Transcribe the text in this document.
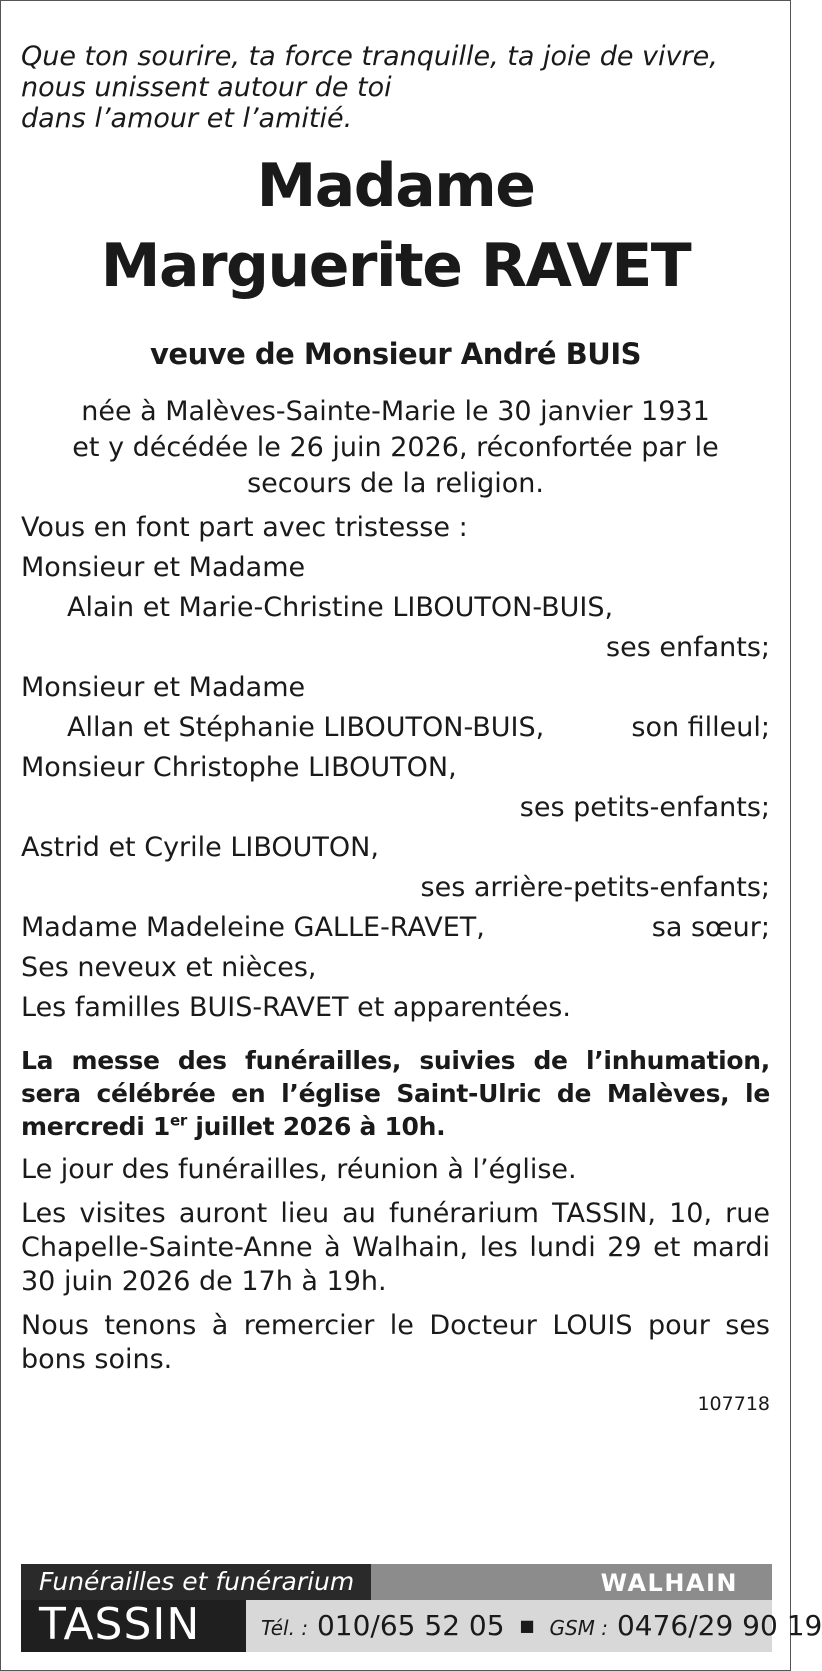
Que ton sourire, ta force tranquille, ta joie de vivre,
nous unissent autour de toi
dans l’amour et l’amitié.
Madame
Marguerite RAVET
veuve de Monsieur André BUIS
née à Malèves-Sainte-Marie le 30 janvier 1931
et y décédée le 26 juin 2026, réconfortée par le
secours de la religion.
Vous en font part avec tristesse :
Monsieur et Madame
Alain et Marie-Christine LIBOUTON-BUIS,
ses enfants;
Monsieur et Madame
Allan et Stéphanie LIBOUTON-BUIS,	son filleul;
Monsieur Christophe LIBOUTON,
ses petits-enfants;
Astrid et Cyrile LIBOUTON,
ses arrière-petits-enfants;
Madame Madeleine GALLE-RAVET,	sa sœur;
Ses neveux et nièces,
Les familles BUIS-RAVET et apparentées.
La messe des funérailles, suivies de l’inhumation, sera célébrée en l’église Saint-Ulric de Malèves, le mercredi 1er juillet 2026 à 10h.
Le jour des funérailles, réunion à l’église.
Les visites auront lieu au funérarium TASSIN, 10, rue Chapelle-Sainte-Anne à Walhain, les lundi 29 et mardi 30 juin 2026 de 17h à 19h.
Nous tenons à remercier le Docteur LOUIS pour ses bons soins.
107718
Funérailles et funérarium	WALHAIN
TASSIN	Tél. : 010/65 52 05 ■ GSM : 0476/29 90 19
